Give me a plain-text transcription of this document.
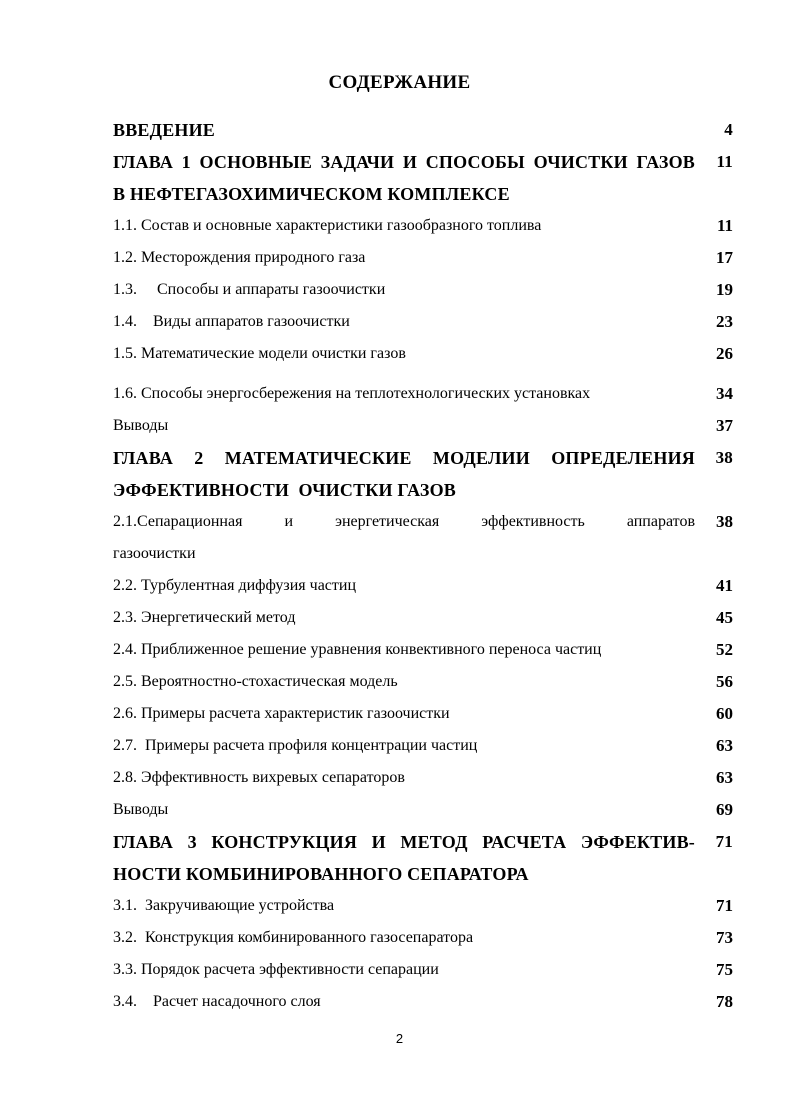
СОДЕРЖАНИЕ
ВВЕДЕНИЕ	4
ГЛАВА 1 ОСНОВНЫЕ ЗАДАЧИ И СПОСОБЫ ОЧИСТКИ ГАЗОВ	11
В НЕФТЕГАЗОХИМИЧЕСКОМ КОМПЛЕКСЕ
1.1. Состав и основные характеристики газообразного топлива	11
1.2. Месторождения природного газа	17
1.3.     Способы и аппараты газоочистки	19
1.4.    Виды аппаратов газоочистки	23
1.5. Математические модели очистки газов	26
1.6. Способы энергосбережения на теплотехнологических установках	34
Выводы	37
ГЛАВА 2 МАТЕМАТИЧЕСКИЕ МОДЕЛИИ ОПРЕДЕЛЕНИЯ	38
ЭФФЕКТИВНОСТИ  ОЧИСТКИ ГАЗОВ
2.1.Сепарационная и энергетическая эффективность аппаратов	38
газоочистки
2.2. Турбулентная диффузия частиц	41
2.3. Энергетический метод	45
2.4. Приближенное решение уравнения конвективного переноса частиц	52
2.5. Вероятностно-стохастическая модель	56
2.6. Примеры расчета характеристик газоочистки	60
2.7.  Примеры расчета профиля концентрации частиц	63
2.8. Эффективность вихревых сепараторов	63
Выводы	69
ГЛАВА 3 КОНСТРУКЦИЯ И МЕТОД РАСЧЕТА ЭФФЕКТИВ-	71
НОСТИ КОМБИНИРОВАННОГО СЕПАРАТОРА
3.1.  Закручивающие устройства	71
3.2.  Конструкция комбинированного газосепаратора	73
3.3. Порядок расчета эффективности сепарации	75
3.4.    Расчет насадочного слоя	78
2
